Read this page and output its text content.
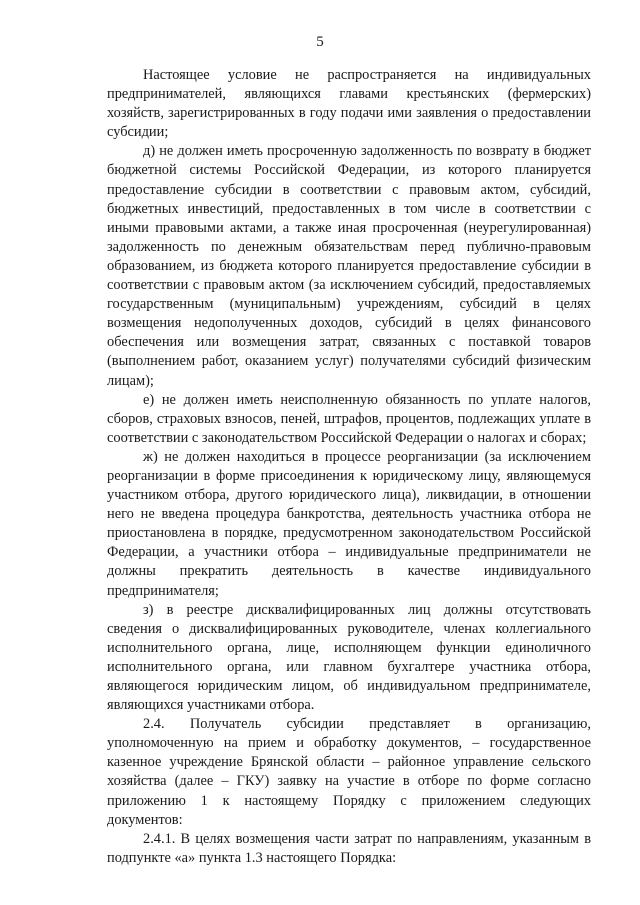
5

Настоящее условие не распространяется на индивидуальных предпринимателей, являющихся главами крестьянских (фермерских) хозяйств, зарегистрированных в году подачи ими заявления о предоставлении субсидии;

д) не должен иметь просроченную задолженность по возврату в бюджет бюджетной системы Российской Федерации, из которого планируется предоставление субсидии в соответствии с правовым актом, субсидий, бюджетных инвестиций, предоставленных в том числе в соответствии с иными правовыми актами, а также иная просроченная (неурегулированная) задолженность по денежным обязательствам перед публично-правовым образованием, из бюджета которого планируется предоставление субсидии в соответствии с правовым актом (за исключением субсидий, предоставляемых государственным (муниципальным) учреждениям, субсидий в целях возмещения недополученных доходов, субсидий в целях финансового обеспечения или возмещения затрат, связанных с поставкой товаров (выполнением работ, оказанием услуг) получателями субсидий физическим лицам);

е) не должен иметь неисполненную обязанность по уплате налогов, сборов, страховых взносов, пеней, штрафов, процентов, подлежащих уплате в соответствии с законодательством Российской Федерации о налогах и сборах;

ж) не должен находиться в процессе реорганизации (за исключением реорганизации в форме присоединения к юридическому лицу, являющемуся участником отбора, другого юридического лица), ликвидации, в отношении него не введена процедура банкротства, деятельность участника отбора не приостановлена в порядке, предусмотренном законодательством Российской Федерации, а участники отбора – индивидуальные предприниматели не должны прекратить деятельность в качестве индивидуального предпринимателя;

з) в реестре дисквалифицированных лиц должны отсутствовать сведения о дисквалифицированных руководителе, членах коллегиального исполнительного органа, лице, исполняющем функции единоличного исполнительного органа, или главном бухгалтере участника отбора, являющегося юридическим лицом, об индивидуальном предпринимателе, являющихся участниками отбора.

2.4. Получатель субсидии представляет в организацию, уполномоченную на прием и обработку документов, – государственное казенное учреждение Брянской области – районное управление сельского хозяйства (далее – ГКУ) заявку на участие в отборе по форме согласно приложению 1 к настоящему Порядку с приложением следующих документов:

2.4.1. В целях возмещения части затрат по направлениям, указанным в подпункте «а» пункта 1.3 настоящего Порядка:
